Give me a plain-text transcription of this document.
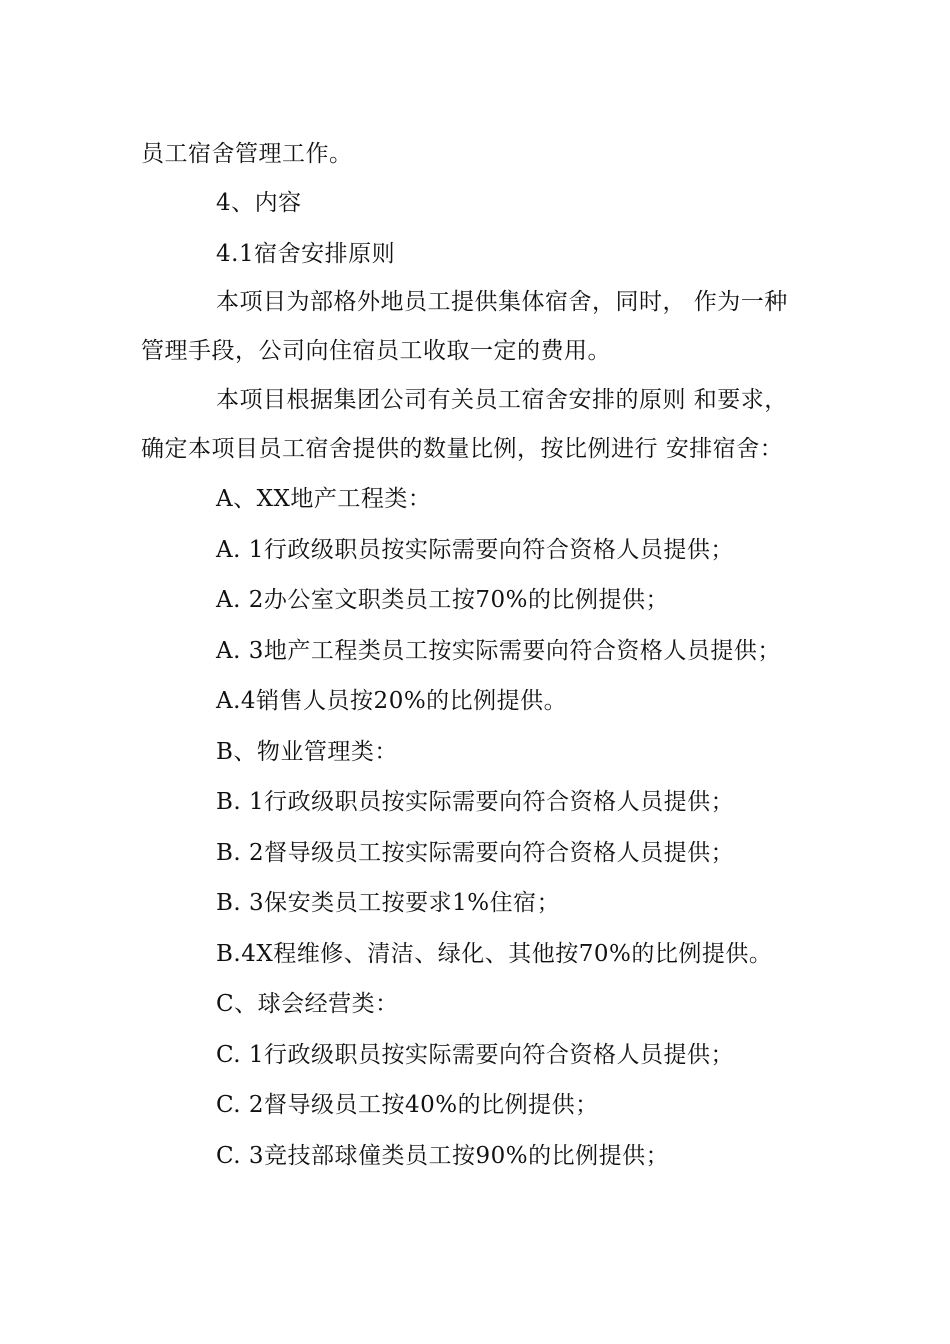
员工宿舍管理工作。
4、内容
4.1宿舍安排原则
本项目为部格外地员工提供集体宿舍，同时， 作为一种
管理手段，公司向住宿员工收取一定的费用。
本项目根据集团公司有关员工宿舍安排的原则 和要求，
确定本项目员工宿舍提供的数量比例，按比例进行 安排宿舍：
A、XX地产工程类：
A. 1行政级职员按实际需要向符合资格人员提供；
A. 2办公室文职类员工按70%的比例提供；
A. 3地产工程类员工按实际需要向符合资格人员提供；
A.4销售人员按20%的比例提供。
B、物业管理类：
B. 1行政级职员按实际需要向符合资格人员提供；
B. 2督导级员工按实际需要向符合资格人员提供；
B. 3保安类员工按要求1%住宿；
B.4X程维修、清洁、绿化、其他按70%的比例提供。
C、球会经营类：
C. 1行政级职员按实际需要向符合资格人员提供；
C. 2督导级员工按40%的比例提供；
C. 3竞技部球僮类员工按90%的比例提供；
